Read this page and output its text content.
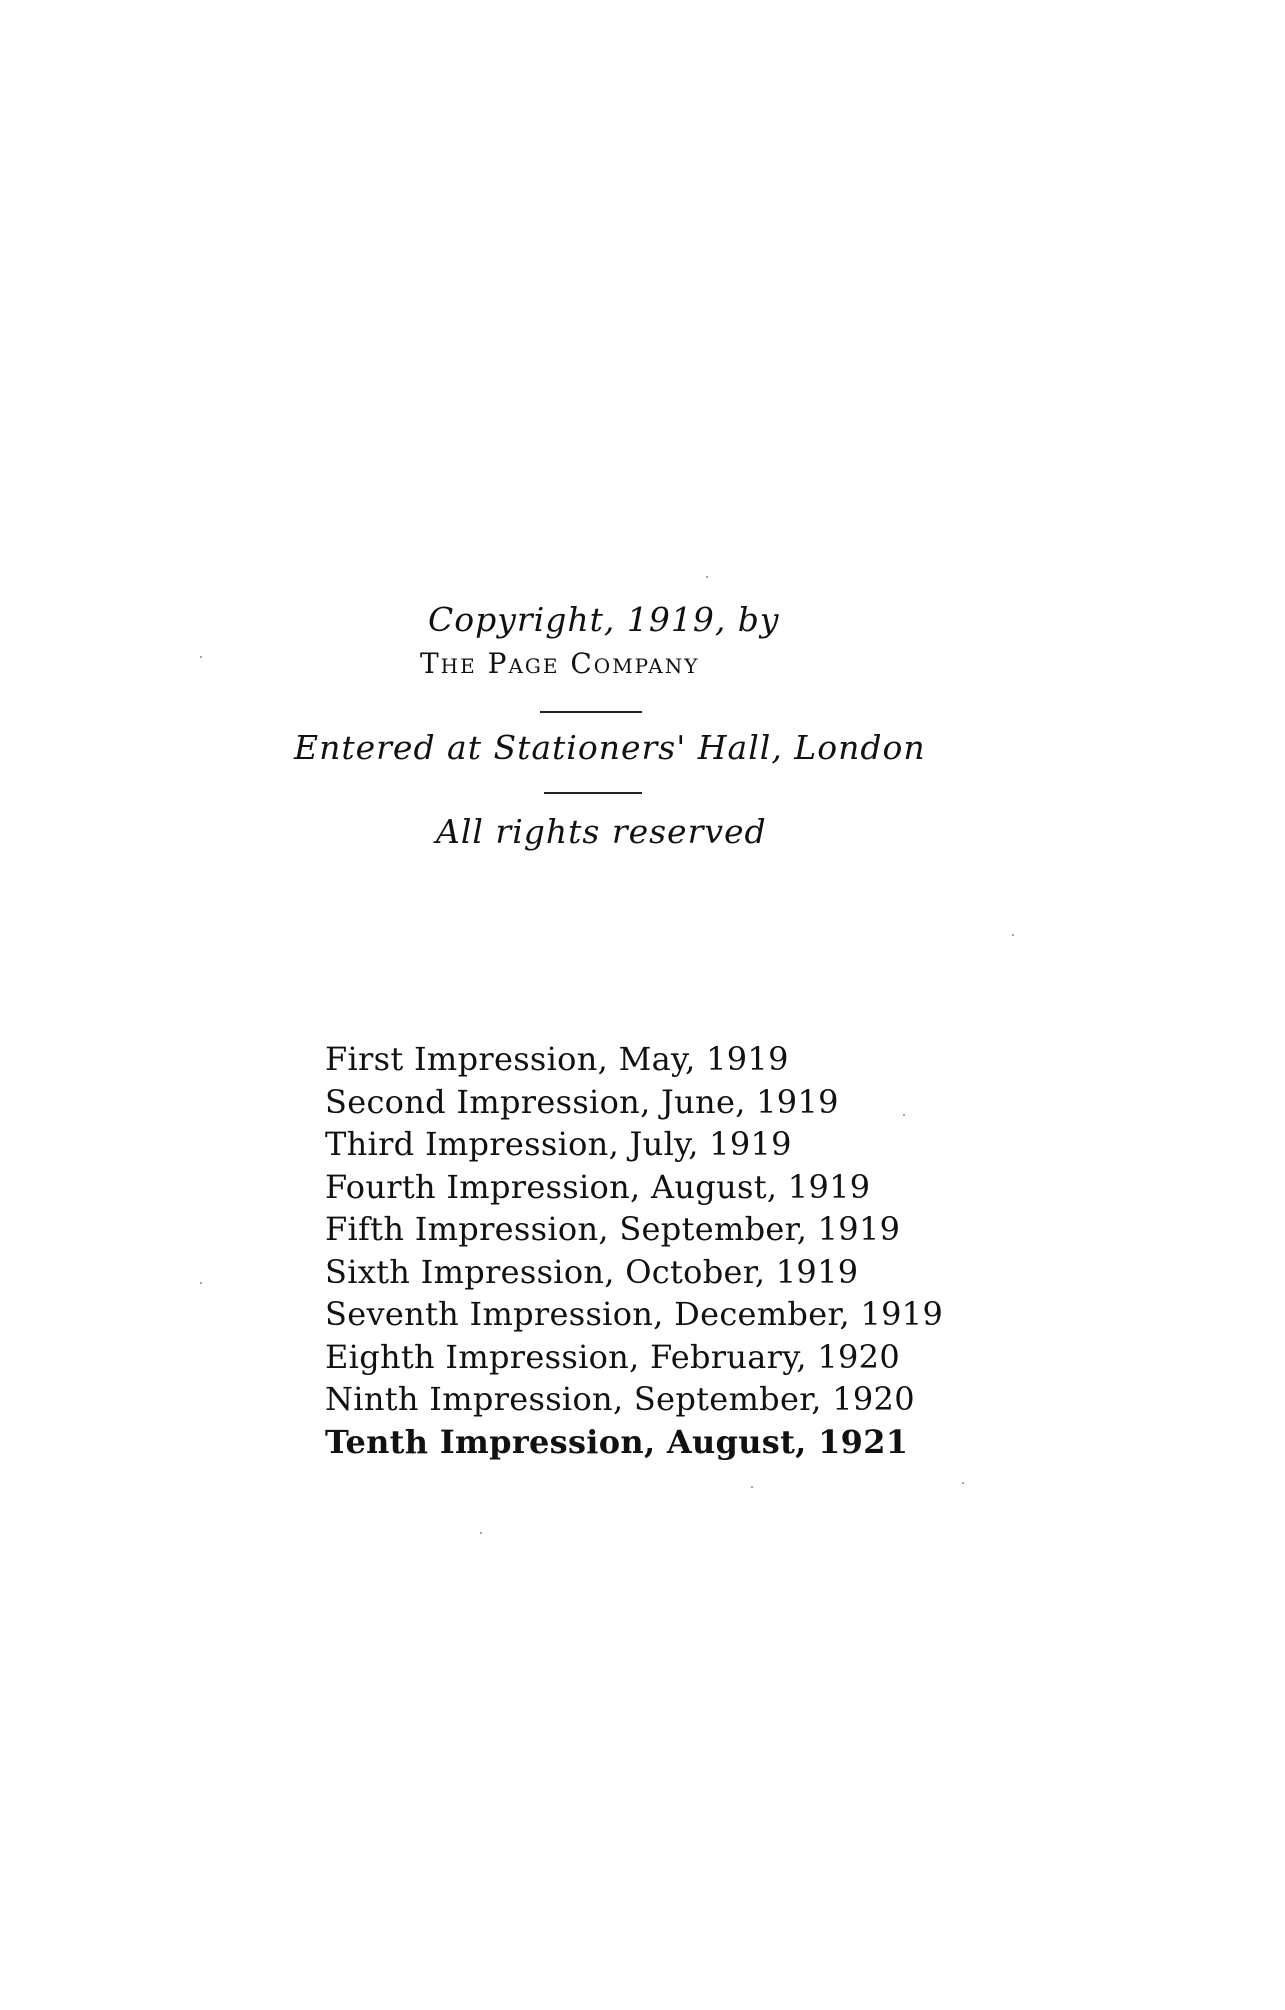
Copyright, 1919, by
The Page Company
Entered at Stationers' Hall, London
All rights reserved
First Impression, May, 1919
Second Impression, June, 1919
Third Impression, July, 1919
Fourth Impression, August, 1919
Fifth Impression, September, 1919
Sixth Impression, October, 1919
Seventh Impression, December, 1919
Eighth Impression, February, 1920
Ninth Impression, September, 1920
Tenth Impression, August, 1921
